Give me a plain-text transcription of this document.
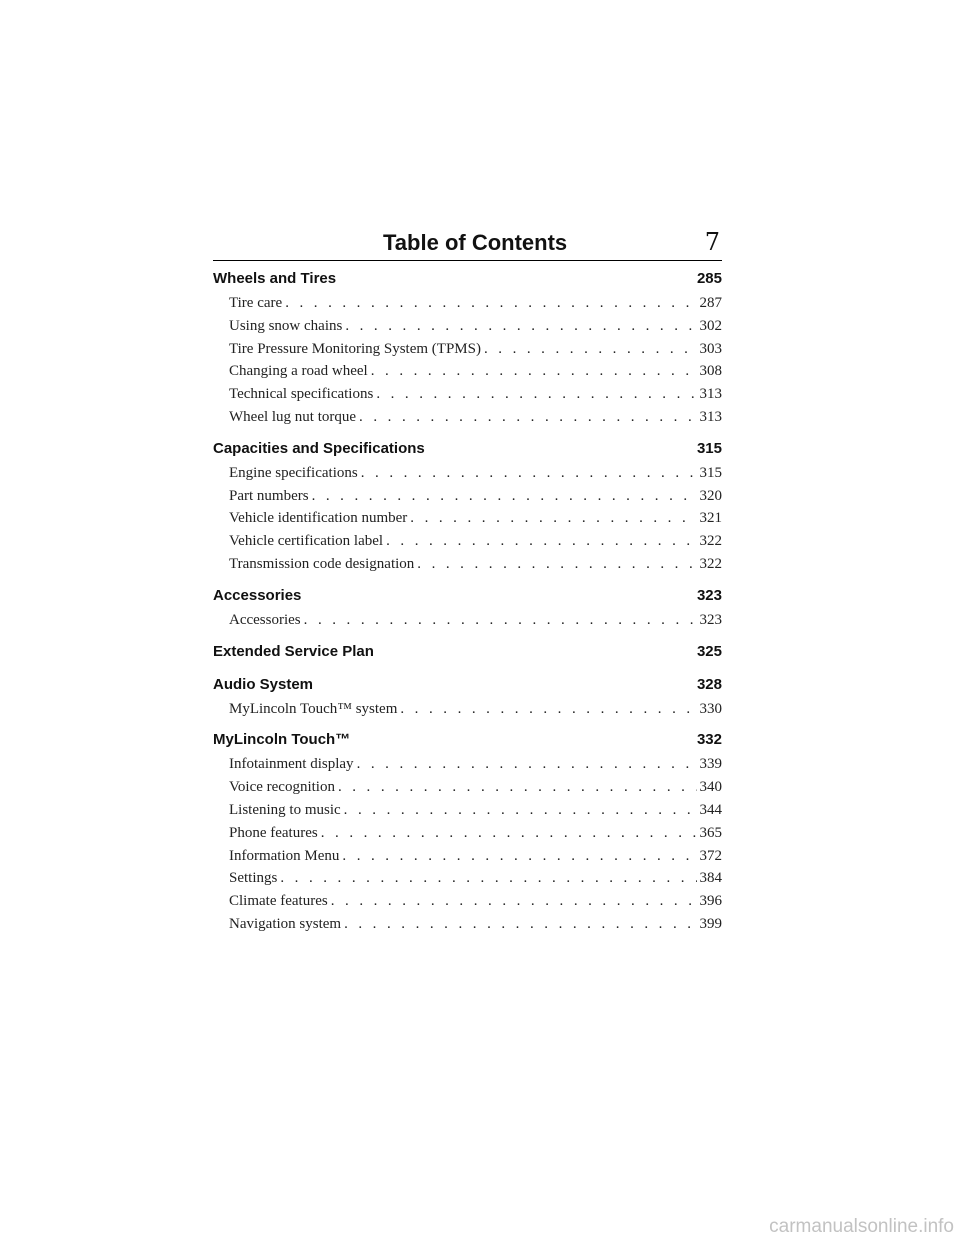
Table of Contents	7
Wheels and Tires	285
Tire care . . .	287
Using snow chains . . .	302
Tire Pressure Monitoring System (TPMS) . . .	303
Changing a road wheel . . .	308
Technical specifications . . .	313
Wheel lug nut torque . . .	313
Capacities and Specifications	315
Engine specifications . . .	315
Part numbers . . .	320
Vehicle identification number . . .	321
Vehicle certification label . . .	322
Transmission code designation . . .	322
Accessories	323
Accessories . . .	323
Extended Service Plan	325
Audio System	328
MyLincoln Touch™ system . . .	330
MyLincoln Touch™	332
Infotainment display . . .	339
Voice recognition . . .	340
Listening to music . . .	344
Phone features . . .	365
Information Menu . . .	372
Settings . . .	384
Climate features . . .	396
Navigation system . . .	399
carmanualsonline.info
